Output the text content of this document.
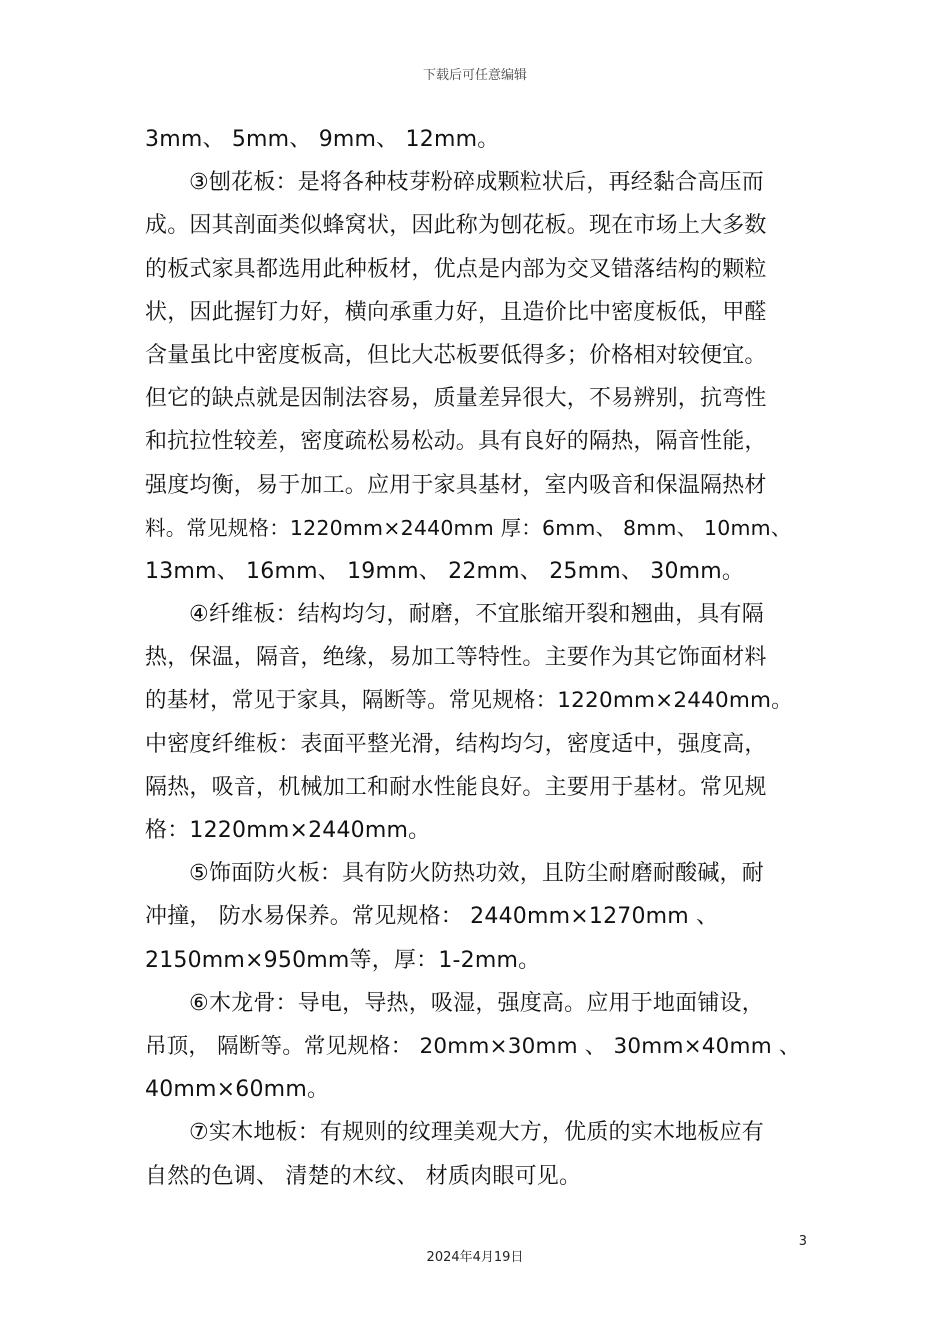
下载后可任意编辑
3mm、 5mm、 9mm、 12mm。
③刨花板：是将各种枝芽粉碎成颗粒状后，再经黏合高压而
成。因其剖面类似蜂窝状，因此称为刨花板。现在市场上大多数
的板式家具都选用此种板材，优点是内部为交叉错落结构的颗粒
状，因此握钉力好，横向承重力好，且造价比中密度板低，甲醛
含量虽比中密度板高，但比大芯板要低得多；价格相对较便宜。
但它的缺点就是因制法容易，质量差异很大，不易辨别，抗弯性
和抗拉性较差，密度疏松易松动。具有良好的隔热，隔音性能，
强度均衡，易于加工。应用于家具基材，室内吸音和保温隔热材
料。常见规格：1220mm×2440mm 厚：6mm、 8mm、 10mm、
13mm、 16mm、 19mm、 22mm、 25mm、 30mm。
④纤维板：结构均匀，耐磨，不宜胀缩开裂和翘曲，具有隔
热，保温，隔音，绝缘，易加工等特性。主要作为其它饰面材料
的基材，常见于家具，隔断等。常见规格：1220mm×2440mm。
中密度纤维板：表面平整光滑，结构均匀，密度适中，强度高，
隔热，吸音，机械加工和耐水性能良好。主要用于基材。常见规
格：1220mm×2440mm。
⑤饰面防火板：具有防火防热功效，且防尘耐磨耐酸碱，耐
冲撞， 防水易保养。常见规格： 2440mm×1270mm 、
2150mm×950mm等，厚：1-2mm。
⑥木龙骨：导电，导热，吸湿，强度高。应用于地面铺设，
吊顶， 隔断等。常见规格： 20mm×30mm 、 30mm×40mm 、
40mm×60mm。
⑦实木地板：有规则的纹理美观大方，优质的实木地板应有
自然的色调、 清楚的木纹、 材质肉眼可见。
3
2024年4月19日
